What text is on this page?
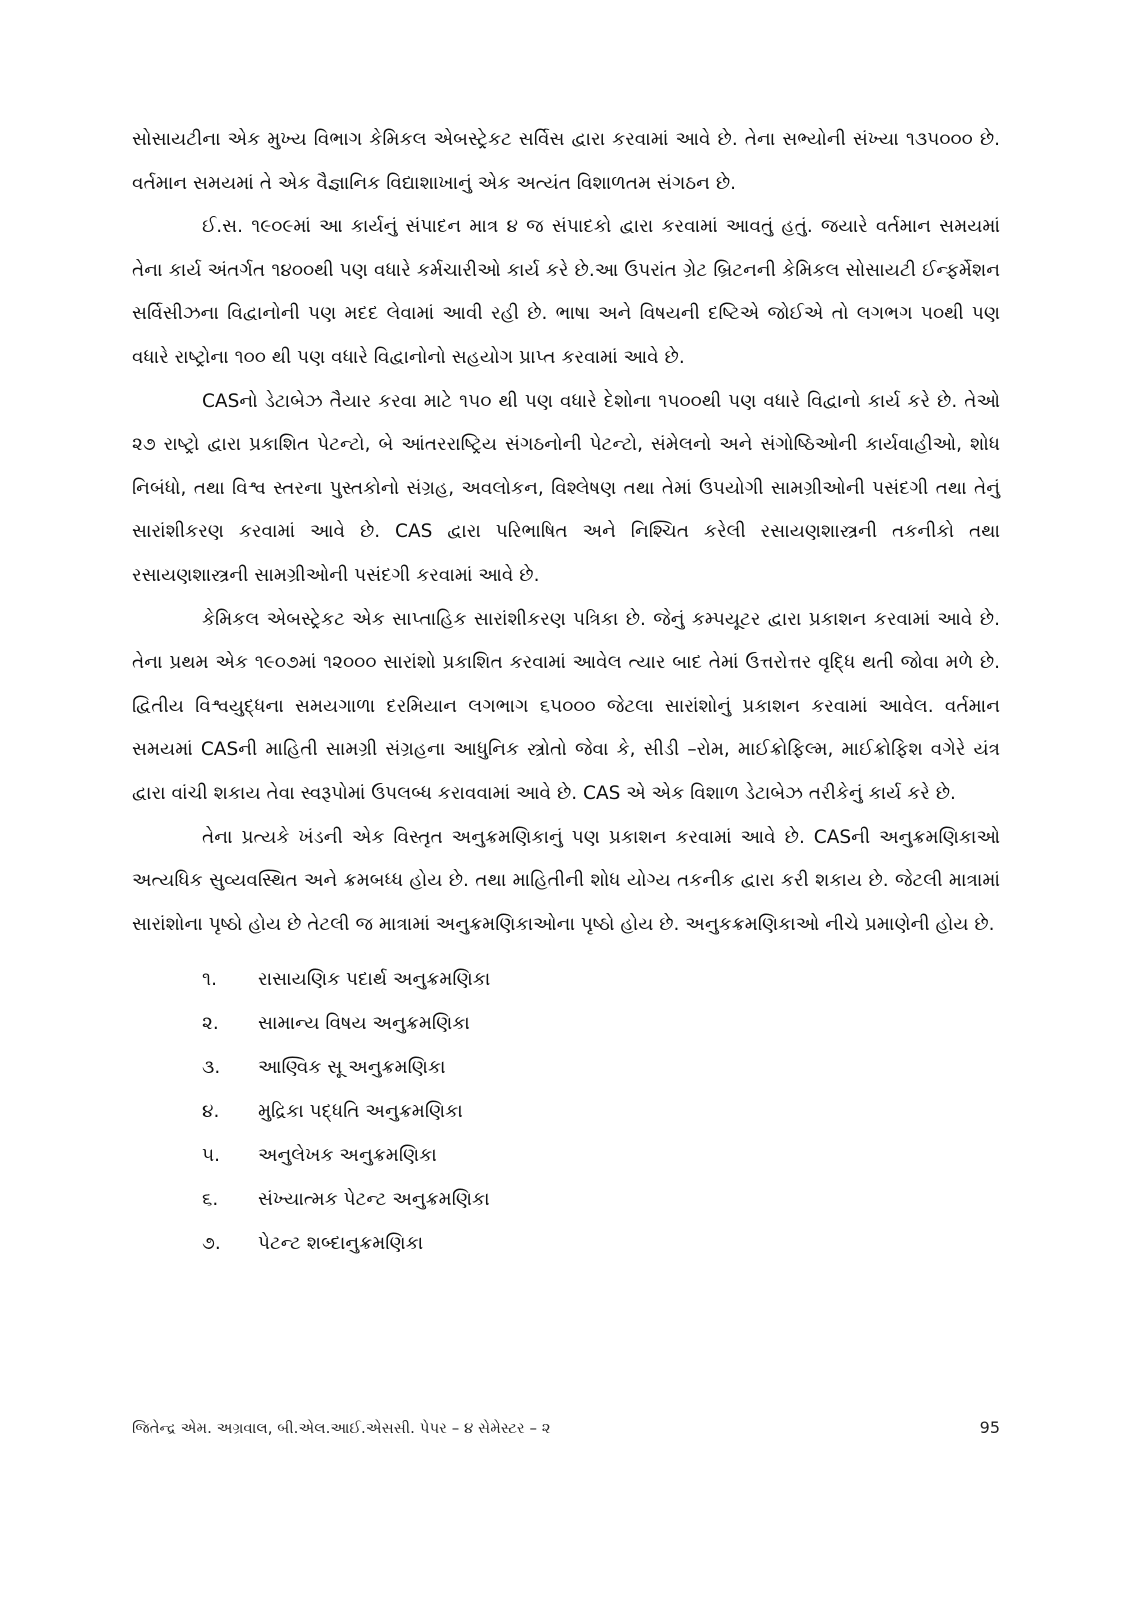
સોસાયટીના એક મુખ્ય વિભાગ કેમિકલ એબસ્ટ્રેકટ સર્વિસ દ્વારા કરવામાં આવે છે. તેના સભ્યોની સંખ્યા ૧૩૫૦૦૦ છે. વર્તમાન સમયમાં તે એક વૈજ્ઞાનિક વિદ્યાશાખાનું એક અત્યંત વિશાળતમ સંગઠન છે.

ઈ.સ. ૧૯૦૯માં આ કાર્યનું સંપાદન માત્ર ૪ જ સંપાદકો દ્વારા કરવામાં આવતું હતું. જયારે વર્તમાન સમયમાં તેના કાર્ય અંતર્ગત ૧૪૦૦થી પણ વધારે કર્મચારીઓ કાર્ય કરે છે.આ ઉપરાંત ગ્રેટ બ્રિટનની કેમિકલ સોસાયટી ઈન્ફર્મેશન સર્વિસીઝના વિદ્વાનોની પણ મદદ લેવામાં આવી રહી છે. ભાષા અને વિષયની દષ્ટિએ જોઈએ તો લગભગ ૫૦થી પણ વધારે રાષ્ટ્રોના ૧૦૦ થી પણ વધારે વિદ્વાનોનો સહયોગ પ્રાપ્ત કરવામાં આવે છે.

CASનો ડેટાબેઝ તૈયાર કરવા માટે ૧૫૦ થી પણ વધારે દેશોના ૧૫૦૦થી પણ વધારે વિદ્વાનો કાર્ય કરે છે. તેઓ ૨૭ રાષ્ટ્રો દ્વારા પ્રકાશિત પેટન્ટો, બે આંતરરાષ્ટ્રિય સંગઠનોની પેટન્ટો, સંમેલનો અને સંગોષ્ઠિઓની કાર્યવાહીઓ, શોધ નિબંધો, તથા વિશ્વ સ્તરના પુસ્તકોનો સંગ્રહ, અવલોકન, વિશ્લેષણ તથા તેમાં ઉપયોગી સામગ્રીઓની પસંદગી તથા તેનું સારાંશીકરણ કરવામાં આવે છે. CAS દ્વારા પરિભાષિત અને નિશ્ચિત કરેલી રસાયણશાસ્ત્રની તકનીકો તથા રસાયણશાસ્ત્રની સામગ્રીઓની પસંદગી કરવામાં આવે છે.

કેમિકલ એબસ્ટ્રેકટ એક સાપ્તાહિક સારાંશીકરણ પત્રિકા છે. જેનું કમ્પયૂટર દ્વારા પ્રકાશન કરવામાં આવે છે. તેના પ્રથમ એક ૧૯૦૭માં ૧૨૦૦૦ સારાંશો પ્રકાશિત કરવામાં આવેલ ત્યાર બાદ તેમાં ઉત્તરોત્તર વૃદ્ધિ થતી જોવા મળે છે. દ્વિતીય વિશ્વયુદ્ધના સમયગાળા દરમિયાન લગભાગ ૬૫૦૦૦ જેટલા સારાંશોનું પ્રકાશન કરવામાં આવેલ. વર્તમાન સમયમાં CASની માહિતી સામગ્રી સંગ્રહના આધુનિક સ્ત્રોતો જેવા કે, સીડી –રોમ, માઈક્રોફિલ્મ, માઈક્રોફિશ વગેરે યંત્ર દ્વારા વાંચી શકાય તેવા સ્વરૂપોમાં ઉપલબ્ધ કરાવવામાં આવે છે. CAS એ એક વિશાળ ડેટાબેઝ તરીકેનું કાર્ય કરે છે.

તેના પ્રત્યકે ખંડની એક વિસ્તૃત અનુક્રમણિકાનું પણ પ્રકાશન કરવામાં આવે છે. CASની અનુક્રમણિકાઓ અત્યધિક સુવ્યવસ્થિત અને ક્રમબધ્ધ હોય છે. તથા માહિતીની શોધ યોગ્ય તકનીક દ્વારા કરી શકાય છે. જેટલી માત્રામાં સારાંશોના પૃષ્ઠો હોય છે તેટલી જ માત્રામાં અનુક્રમણિકાઓના પૃષ્ઠો હોય છે. અનુકક્રમણિકાઓ નીચે પ્રમાણેની હોય છે.

૧.	રાસાયણિક પદાર્થ અનુક્રમણિકા
૨.	સામાન્ય વિષય અનુક્રમણિકા
૩.	આણ્વિક સૂ અનુક્રમણિકા
૪.	મુદ્રિકા પદ્ધતિ અનુક્રમણિકા
૫.	અનુલેખક અનુક્રમણિકા
૬.	સંખ્યાત્મક પેટન્ટ અનુક્રમણિકા
૭.	પેટન્ટ શબ્દાનુક્રમણિકા
જિતેન્દ્ર એમ. અગ્રવાલ, બી.એલ.આઈ.એસસી. પેપર – ૪ સેમેસ્ટર – ૨	95
